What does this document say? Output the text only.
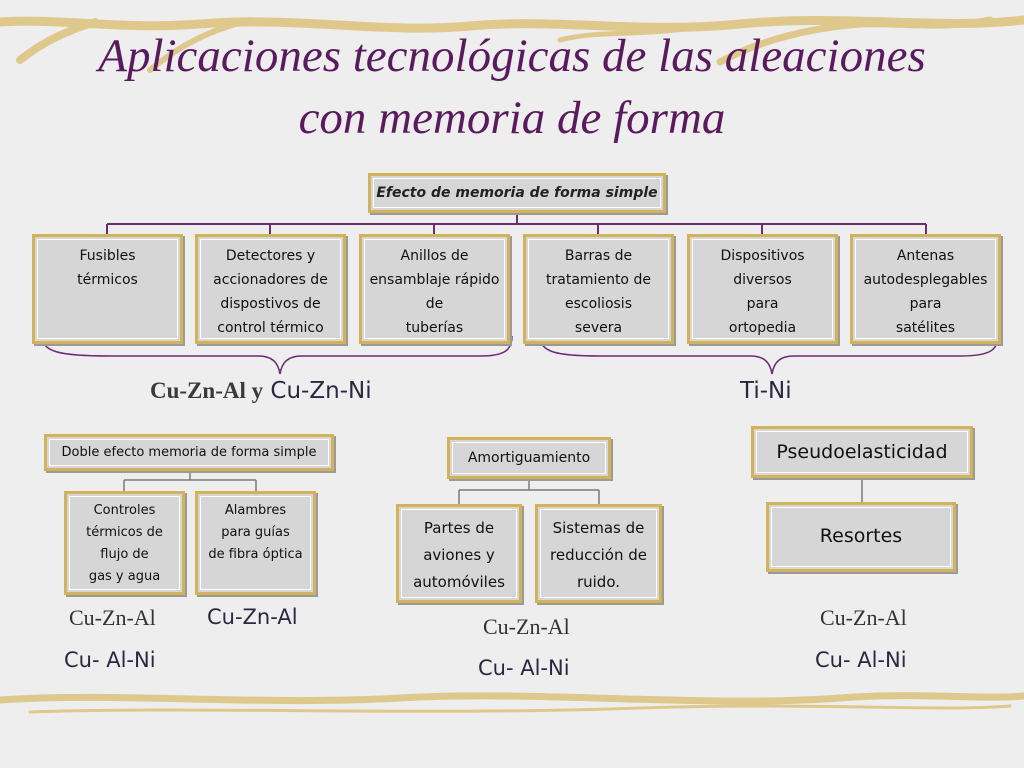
Aplicaciones tecnológicas de las aleaciones
con memoria de forma
Efecto de memoria de forma simple
Fusibles
térmicos
Detectores y
accionadores de
dispostivos de
control térmico
Anillos de
ensamblaje rápido
de
tuberías
Barras de
tratamiento de
escoliosis
severa
Dispositivos
diversos
para
ortopedia
Antenas
autodesplegables
para
satélites
Cu-Zn-Al y Cu-Zn-Ni	Ti-Ni
Doble efecto memoria de forma simple
Controles
térmicos de
flujo de
gas y agua
Alambres
para guías
de fibra óptica
Cu-Zn-Al
Cu- Al-Ni
Cu-Zn-Al
Amortiguamiento
Partes de
aviones y
automóviles
Sistemas de
reducción de
ruido.
Cu-Zn-Al
Cu- Al-Ni
Pseudoelasticidad
Resortes
Cu-Zn-Al
Cu- Al-Ni
